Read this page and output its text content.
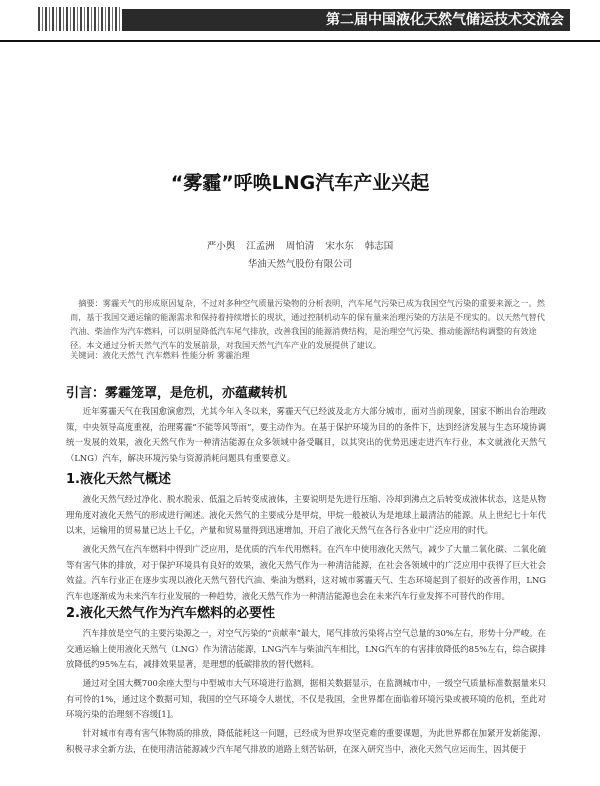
第二届中国液化天然气储运技术交流会
“雾霾”呼唤LNG汽车产业兴起
严小舆 江孟洲 周怕清 宋水东 韩志国
华油天然气股份有限公司
摘要：雾霾天气的形成原因复杂，不过对多种空气质量污染物的分析表明，汽车尾气污染已成为我国空气污染的重要来源之一。然而，基于我国交通运输的能源需求和保持着持续增长的现状，通过控制机动车的保有量来治理污染的方法是不现实的。以天然气替代汽油、柴油作为汽车燃料，可以明显降低汽车尾气排放，改善我国的能源消费结构，是治理空气污染、推动能源结构调整的有效途径。本文通过分析天然气汽车的发展前景，对我国天然气汽车产业的发展提供了建议。
关键词：液化天然气 汽车燃料 性能分析 雾霾治理
引言：雾霾笼罩，是危机，亦蕴藏转机
近年雾霾天气在我国愈演愈烈，尤其今年入冬以来，雾霾天气已经波及北方大部分城市，面对当前现象，国家不断出台治理政策，中央领导高度重视，治理雾霾“不能等风等雨”，要主动作为。在基于保护环境为目的的条件下，达到经济发展与生态环境协调统一发展的效果，液化天然气作为一种清洁能源在众多领域中备受瞩目，以其突出的优势迅速走进汽车行业，本文就液化天然气（LNG）汽车，解决环境污染与资源消耗问题具有重要意义。
1.液化天然气概述
液化天然气经过净化、脱水脱汞、低温之后转变成液体，主要说明是先进行压缩、冷却到沸点之后转变成液体状态，这是从物理角度对液化天然气的形成进行阐述。液化天然气的主要成分是甲烷，甲烷一般被认为是地球上最清洁的能源。从上世纪七十年代以来，运输用的贸易量已达上千亿，产量和贸易量得到迅速增加，开启了液化天然气在各行各业中广泛应用的时代。
液化天然气在汽车燃料中得到广泛应用，是优质的汽车代用燃料。在汽车中使用液化天然气，减少了大量二氧化碳、二氧化硫等有害气体的排放，对于保护环境具有良好的效果，液化天然气作为一种清洁能源，在社会各领域中的广泛应用中获得了巨大社会效益。汽车行业正在逐步实现以液化天然气替代汽油、柴油为燃料，这对城市雾霾天气、生态环境起到了很好的改善作用，LNG汽车也逐渐成为未来汽车行业发展的一种趋势，液化天然气作为一种清洁能源也会在未来汽车行业发挥不可替代的作用。
2.液化天然气作为汽车燃料的必要性
汽车排放是空气的主要污染源之一，对空气污染的“贡献率”最大，尾气排放污染将占空气总量的30%左右，形势十分严峻。在交通运输上使用液化天然气（LNG）作为清洁能源，LNG汽车与柴油汽车相比，LNG汽车的有害排放降低约85%左右，综合碳排放降低约95%左右，减排效果显著，是理想的低碳排放的替代燃料。
通过对全国大概700余座大型与中型城市大气环境进行监测，据相关数据显示，在监测城市中，一级空气质量标准数据量来只有可怜的1%，通过这个数据可知，我国的空气环境令人堪忧，不仅是我国，全世界都在面临着环境污染或被环境的危机，至此对环境污染的治理刻不容缓[1]。
针对城市有毒有害气体物质的排放，降低能耗这一问题，已经成为世界攻坚克难的重要课题，为此世界都在加紧开发新能源、积极寻求全新方法，在使用清洁能源减少汽车尾气排放的道路上刻苦钻研，在深入研究当中，液化天然气应运而生，因其便于
